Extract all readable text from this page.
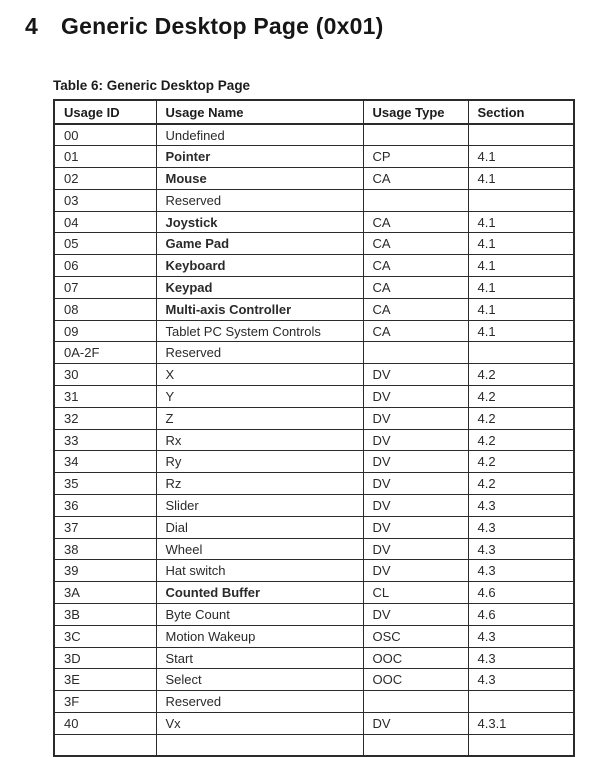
4 Generic Desktop Page (0x01)
Table 6: Generic Desktop Page
Usage ID	Usage Name	Usage Type	Section
00	Undefined		
01	Pointer	CP	4.1
02	Mouse	CA	4.1
03	Reserved		
04	Joystick	CA	4.1
05	Game Pad	CA	4.1
06	Keyboard	CA	4.1
07	Keypad	CA	4.1
08	Multi-axis Controller	CA	4.1
09	Tablet PC System Controls	CA	4.1
0A-2F	Reserved		
30	X	DV	4.2
31	Y	DV	4.2
32	Z	DV	4.2
33	Rx	DV	4.2
34	Ry	DV	4.2
35	Rz	DV	4.2
36	Slider	DV	4.3
37	Dial	DV	4.3
38	Wheel	DV	4.3
39	Hat switch	DV	4.3
3A	Counted Buffer	CL	4.6
3B	Byte Count	DV	4.6
3C	Motion Wakeup	OSC	4.3
3D	Start	OOC	4.3
3E	Select	OOC	4.3
3F	Reserved		
40	Vx	DV	4.3.1
